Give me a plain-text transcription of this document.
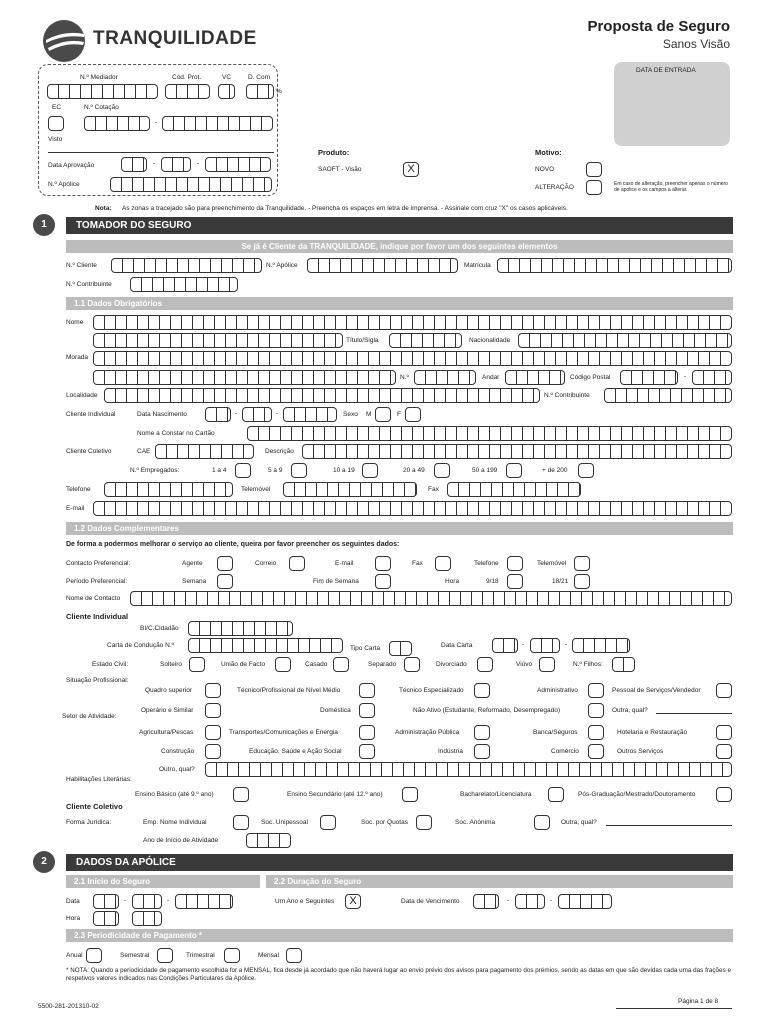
TRANQUILIDADE
Proposta de Seguro
Sanos Visão
DATA DE ENTRADA
N.º Mediador	Cód. Prot.	VC	D. Com
%
EC	N.º Cotação
-
Visto
Data Aprovação	-	-
N.º Apólice
Produto:
SAOFT - Visão	X
Motivo:
NOVO
ALTERAÇÃO	Em caso de alteração, preencher apenas o número de apólice e os campos a alterar.
Nota: As zonas a tracejado são para preenchimento da Tranquilidade. - Preencha os espaços em letra de imprensa. - Assinale com cruz "X" os casos aplicáveis.
1	TOMADOR DO SEGURO
Se já é Cliente da TRANQUILIDADE, indique por favor um dos seguintes elementos
N.º Cliente	N.º Apólice	Matrícula
N.º Contribuinte
1.1 Dados Obrigatórios
Nome
Título/Sigla	Nacionalidade
Morada
N.º	Andar	Código Postal	-
Localidade	N.º Contribuinte
Cliente Individual	Data Nascimento	-	-	Sexo M	F
Nome a Constar no Cartão
Cliente Coletivo	CAE	Descrição
N.º Empregados:	1 a 4	5 a 9	10 a 19	20 a 49	50 a 199	+ de 200
Telefone	Telemóvel	Fax
E-mail
1.2 Dados Complementares
De forma a podermos melhorar o serviço ao cliente, queira por favor preencher os seguintes dados:
Contacto Preferencial:	Agente	Correio	E-mail	Fax	Telefone	Telemóvel
Período Preferencial:	Semana	Fim de Semana	Hora	9/18	18/21
Nome de Contacto
Cliente Individual
BI/C.Cidadão
Carta de Condução N.º	Tipo Carta	Data Carta	-	-
Estado Civil:	Solteiro	União de Facto	Casado	Separado	Divorciado	Viúvo	N.º Filhos:
Situação Profissional:
Quadro superior	Técnico/Profissional de Nível Médio	Técnico Especializado	Administrativo	Pessoal de Serviços/Vendedor
Operário e Similar	Doméstica	Não Ativo (Estudante, Reformado, Desempregado)	Outra, qual?
Setor de Atividade:
Agricultura/Pescas	Transportes/Comunicações e Energia	Administração Pública	Banca/Seguros	Hotelaria e Restauração
Construção	Educação, Saúde e Ação Social	Indústria	Comércio	Outros Serviços
Outro, qual?
Habilitações Literárias:
Ensino Básico (até 9.º ano)	Ensino Secundário (até 12.º ano)	Bacharelato/Licenciatura	Pós-Graduação/Mestrado/Doutoramento
Cliente Coletivo
Forma Jurídica:	Emp. Nome Individual	Soc. Unipessoal	Soc. por Quotas	Soc. Anónima	Outra, qual?
Ano de Início de Atividade
2	DADOS DA APÓLICE
2.1 Início do Seguro	2.2 Duração do Seguro
Data	-	-	Um Ano e Seguintes	X	Data de Vencimento	-	-
Hora
2.3 Periodicidade de Pagamento *
Anual	Semestral	Trimestral	Mensal
* NOTA: Quando a periodicidade de pagamento escolhida for a MENSAL, fica desde já acordado que não haverá lugar ao envio prévio dos avisos para pagamento dos prémios, sendo as datas em que são devidas cada uma das frações e respetivos valores indicados nas Condições Particulares da Apólice.
5500-281-201310-02
Página 1 de 8
